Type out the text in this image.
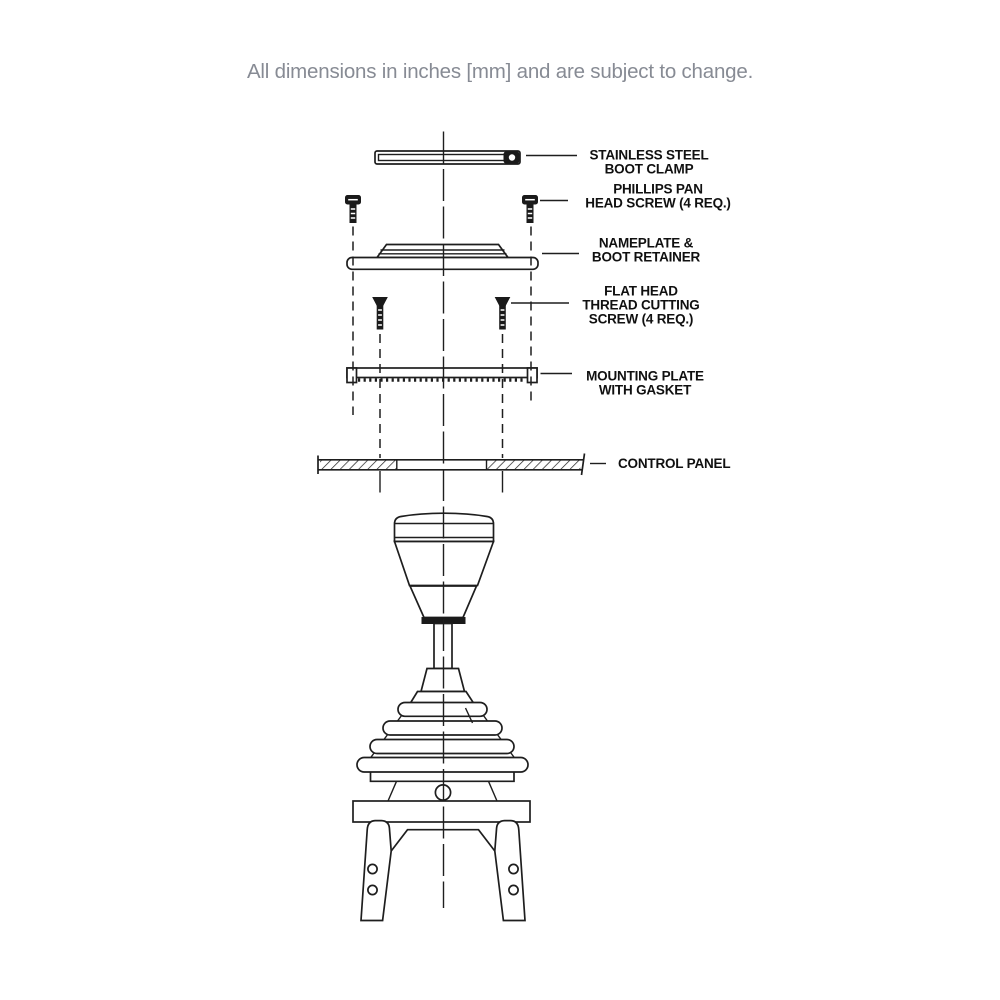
All dimensions in inches [mm] and are subject to change.
STAINLESS STEEL
BOOT CLAMP
PHILLIPS PAN
HEAD SCREW (4 REQ.)
NAMEPLATE &
BOOT RETAINER
FLAT HEAD
THREAD CUTTING
SCREW (4 REQ.)
MOUNTING PLATE
WITH GASKET
CONTROL PANEL
